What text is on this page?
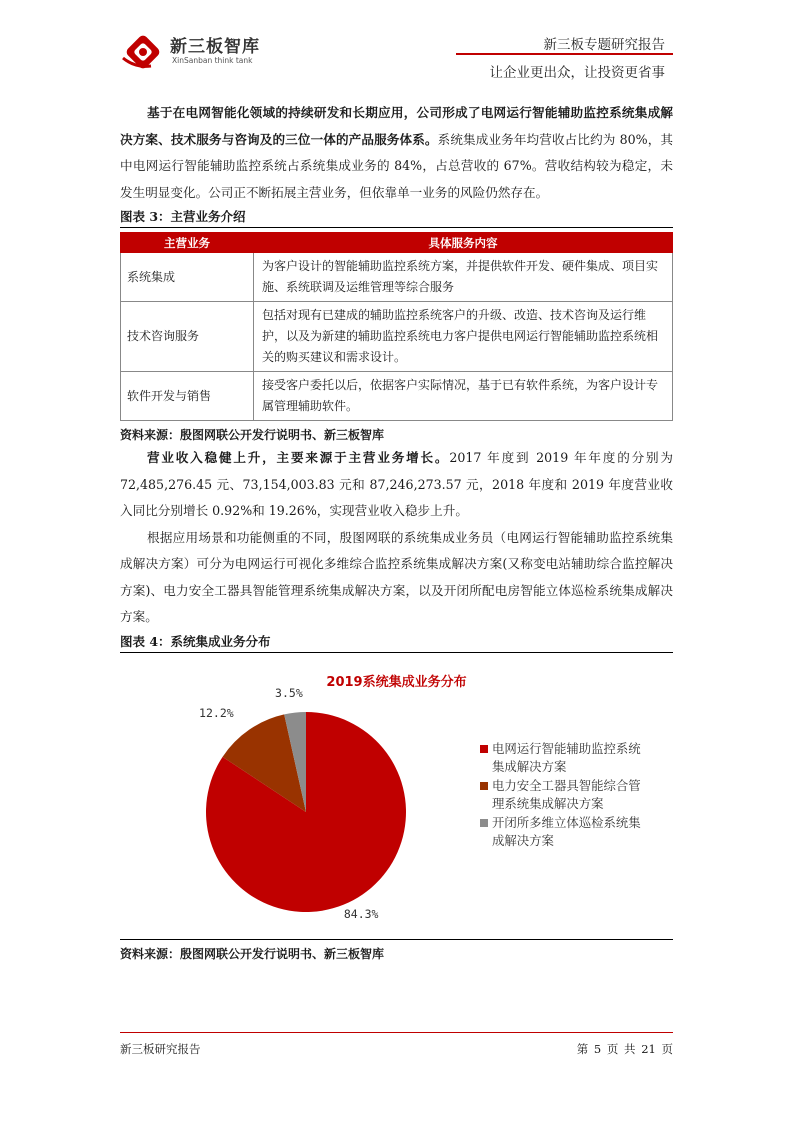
新三板智库
XinSanban think tank
新三板专题研究报告
让企业更出众，让投资更省事

基于在电网智能化领域的持续研发和长期应用，公司形成了电网运行智能辅助监控系统集成解决方案、技术服务与咨询及的三位一体的产品服务体系。系统集成业务年均营收占比约为 80%，其中电网运行智能辅助监控系统占系统集成业务的 84%，占总营收的 67%。营收结构较为稳定，未发生明显变化。公司正不断拓展主营业务，但依靠单一业务的风险仍然存在。

图表 3：主营业务介绍
主营业务	具体服务内容
系统集成	为客户设计的智能辅助监控系统方案，并提供软件开发、硬件集成、项目实施、系统联调及运维管理等综合服务
技术咨询服务	包括对现有已建成的辅助监控系统客户的升级、改造、技术咨询及运行维护，以及为新建的辅助监控系统电力客户提供电网运行智能辅助监控系统相关的购买建议和需求设计。
软件开发与销售	接受客户委托以后，依据客户实际情况，基于已有软件系统，为客户设计专属管理辅助软件。
资料来源：殷图网联公开发行说明书、新三板智库

营业收入稳健上升，主要来源于主营业务增长。2017 年度到 2019 年年度的分别为 72,485,276.45 元、73,154,003.83 元和 87,246,273.57 元，2018 年度和 2019 年度营业收入同比分别增长 0.92%和 19.26%，实现营业收入稳步上升。

根据应用场景和功能侧重的不同，殷图网联的系统集成业务员（电网运行智能辅助监控系统集成解决方案）可分为电网运行可视化多维综合监控系统集成解决方案(又称变电站辅助综合监控解决方案)、电力安全工器具智能管理系统集成解决方案，以及开闭所配电房智能立体巡检系统集成解决方案。

图表 4：系统集成业务分布
2019系统集成业务分布
84.3%
12.2%
3.5%
电网运行智能辅助监控系统
集成解决方案
电力安全工器具智能综合管
理系统集成解决方案
开闭所多维立体巡检系统集
成解决方案
资料来源：殷图网联公开发行说明书、新三板智库
新三板研究报告	第 5 页 共 21 页
